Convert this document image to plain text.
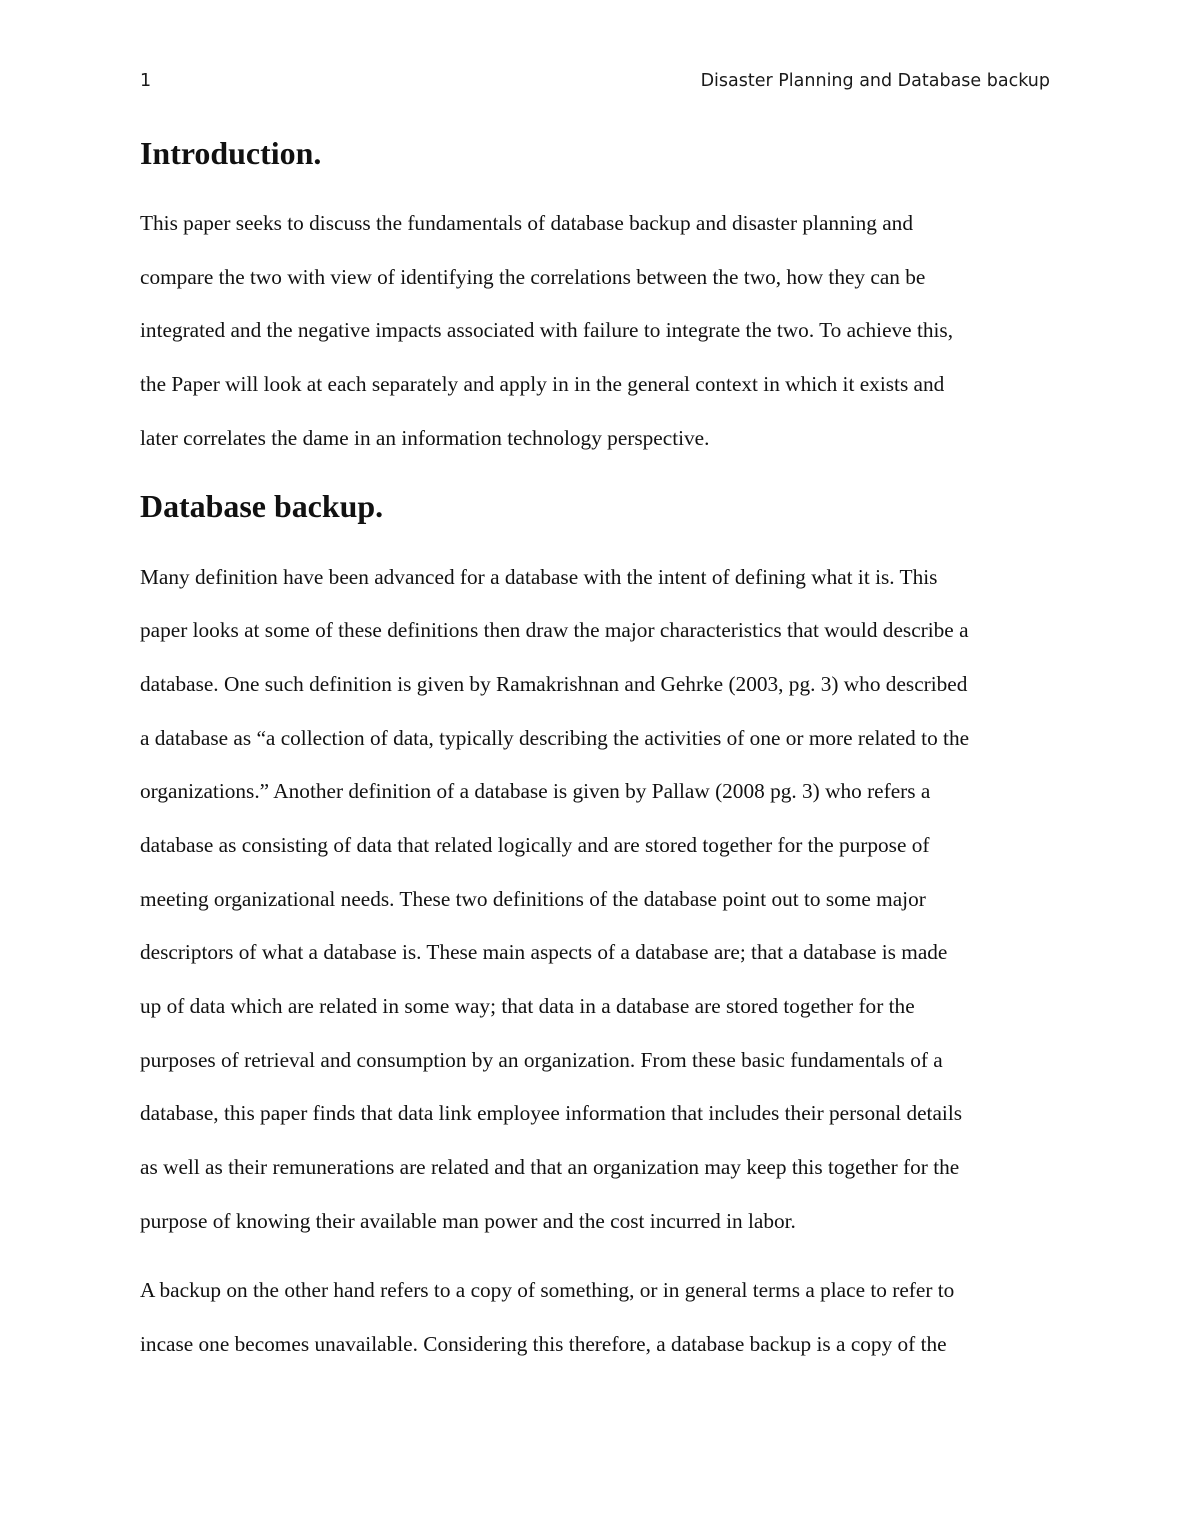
1	Disaster Planning and Database backup
Introduction.
This paper seeks to discuss the fundamentals of database backup and disaster planning and
compare the two with view of identifying the correlations between the two, how they can be
integrated and the negative impacts associated with failure to integrate the two. To achieve this,
the Paper will look at each separately and apply in in the general context in which it exists and
later correlates the dame in an information technology perspective.
Database backup.
Many definition have been advanced for a database with the intent of defining what it is. This
paper looks at some of these definitions then draw the major characteristics that would describe a
database. One such definition is given by Ramakrishnan and Gehrke (2003, pg. 3) who described
a database as “a collection of data, typically describing the activities of one or more related to the
organizations.” Another definition of a database is given by Pallaw (2008 pg. 3) who refers a
database as consisting of data that related logically and are stored together for the purpose of
meeting organizational needs. These two definitions of the database point out to some major
descriptors of what a database is. These main aspects of a database are; that a database is made
up of data which are related in some way; that data in a database are stored together for the
purposes of retrieval and consumption by an organization. From these basic fundamentals of a
database, this paper finds that data link employee information that includes their personal details
as well as their remunerations are related and that an organization may keep this together for the
purpose of knowing their available man power and the cost incurred in labor.
A backup on the other hand refers to a copy of something, or in general terms a place to refer to
incase one becomes unavailable. Considering this therefore, a database backup is a copy of the
